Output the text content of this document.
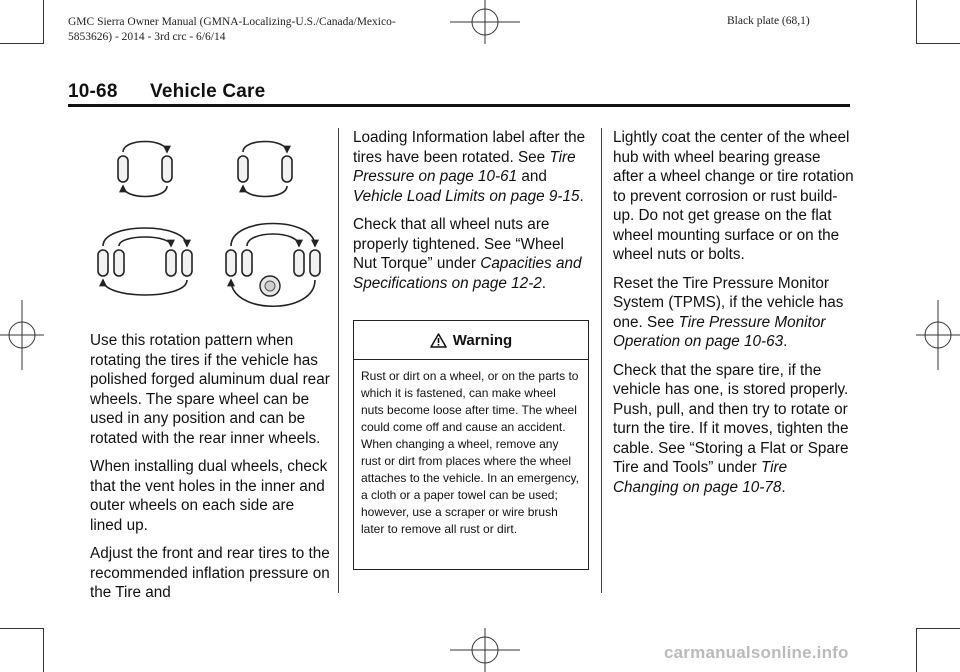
GMC Sierra Owner Manual (GMNA-Localizing-U.S./Canada/Mexico-
5853626) - 2014 - 3rd crc - 6/6/14
Black plate (68,1)
10-68 Vehicle Care

Use this rotation pattern when rotating the tires if the vehicle has polished forged aluminum dual rear wheels. The spare wheel can be used in any position and can be rotated with the rear inner wheels.

When installing dual wheels, check that the vent holes in the inner and outer wheels on each side are lined up.

Adjust the front and rear tires to the recommended inflation pressure on the Tire and

Loading Information label after the tires have been rotated. See Tire Pressure on page 10-61 and Vehicle Load Limits on page 9-15.

Check that all wheel nuts are properly tightened. See “Wheel Nut Torque” under Capacities and Specifications on page 12-2.

Warning
Rust or dirt on a wheel, or on the parts to which it is fastened, can make wheel nuts become loose after time. The wheel could come off and cause an accident. When changing a wheel, remove any rust or dirt from places where the wheel attaches to the vehicle. In an emergency, a cloth or a paper towel can be used; however, use a scraper or wire brush later to remove all rust or dirt.

Lightly coat the center of the wheel hub with wheel bearing grease after a wheel change or tire rotation to prevent corrosion or rust build-up. Do not get grease on the flat wheel mounting surface or on the wheel nuts or bolts.

Reset the Tire Pressure Monitor System (TPMS), if the vehicle has one. See Tire Pressure Monitor Operation on page 10-63.

Check that the spare tire, if the vehicle has one, is stored properly. Push, pull, and then try to rotate or turn the tire. If it moves, tighten the cable. See “Storing a Flat or Spare Tire and Tools” under Tire Changing on page 10-78.

carmanualsonline.info
